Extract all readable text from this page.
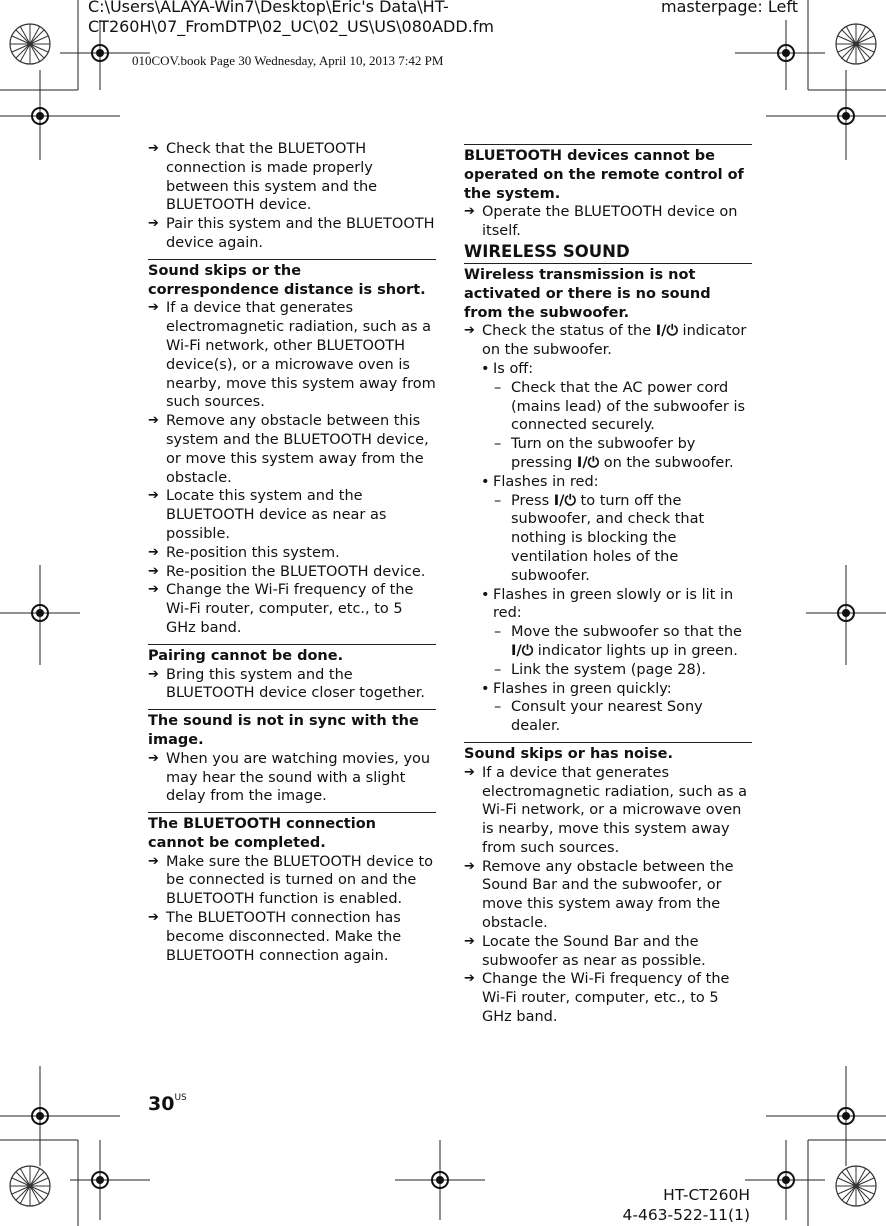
C:\Users\ALAYA-Win7\Desktop\Eric's Data\HT-
CT260H\07_FromDTP\02_UC\02_US\US\080ADD.fm
masterpage: Left
010COV.book Page 30 Wednesday, April 10, 2013 7:42 PM

➔ Check that the BLUETOOTH connection is made properly between this system and the BLUETOOTH device.

➔ Pair this system and the BLUETOOTH device again.

Sound skips or the correspondence distance is short.

➔ If a device that generates electromagnetic radiation, such as a Wi-Fi network, other BLUETOOTH device(s), or a microwave oven is nearby, move this system away from such sources.

➔ Remove any obstacle between this system and the BLUETOOTH device, or move this system away from the obstacle.

➔ Locate this system and the BLUETOOTH device as near as possible.

➔ Re-position this system.

➔ Re-position the BLUETOOTH device.

➔ Change the Wi-Fi frequency of the Wi-Fi router, computer, etc., to 5 GHz band.

Pairing cannot be done.

➔ Bring this system and the BLUETOOTH device closer together.

The sound is not in sync with the image.

➔ When you are watching movies, you may hear the sound with a slight delay from the image.

The BLUETOOTH connection cannot be completed.

➔ Make sure the BLUETOOTH device to be connected is turned on and the BLUETOOTH function is enabled.

➔ The BLUETOOTH connection has become disconnected. Make the BLUETOOTH connection again.

BLUETOOTH devices cannot be operated on the remote control of the system.

➔ Operate the BLUETOOTH device on itself.

WIRELESS SOUND

Wireless transmission is not activated or there is no sound from the subwoofer.

➔ Check the status of the I/⏻ indicator on the subwoofer.

• Is off:

– Check that the AC power cord (mains lead) of the subwoofer is connected securely.

– Turn on the subwoofer by pressing I/⏻ on the subwoofer.

• Flashes in red:

– Press I/⏻ to turn off the subwoofer, and check that nothing is blocking the ventilation holes of the subwoofer.

• Flashes in green slowly or is lit in red:

– Move the subwoofer so that the I/⏻ indicator lights up in green.

– Link the system (page 28).

• Flashes in green quickly:

– Consult your nearest Sony dealer.

Sound skips or has noise.

➔ If a device that generates electromagnetic radiation, such as a Wi-Fi network, or a microwave oven is nearby, move this system away from such sources.

➔ Remove any obstacle between the Sound Bar and the subwoofer, or move this system away from the obstacle.

➔ Locate the Sound Bar and the subwoofer as near as possible.

➔ Change the Wi-Fi frequency of the Wi-Fi router, computer, etc., to 5 GHz band.

$30^{US}$
HT-CT260H
4-463-522-11(1)
